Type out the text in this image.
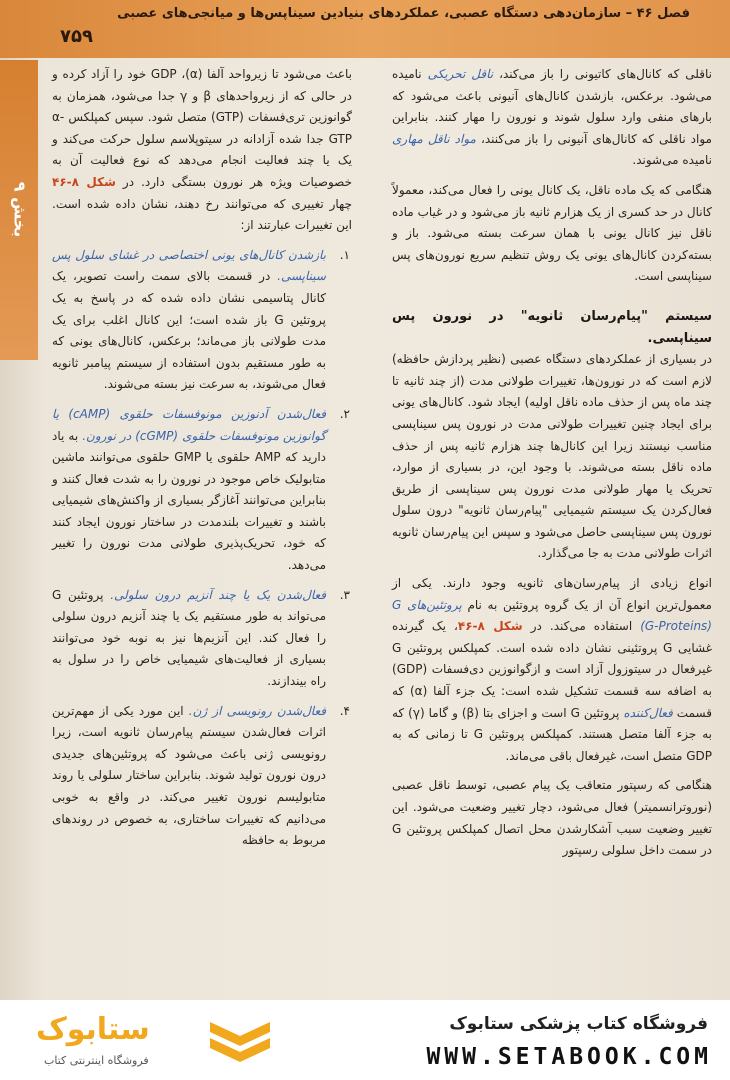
فصل ۴۶ – سازمان‌دهی دستگاه عصبی، عملکردهای بنیادین سیناپس‌ها و میانجی‌های عصبی
۷۵۹
بخش ۹

ناقلی که کانال‌های کاتیونی را باز می‌کند، ناقل تحریکی نامیده می‌شود. برعکس، بازشدن کانال‌های آنیونی باعث می‌شود که بارهای منفی وارد سلول شوند و نورون را مهار کنند. بنابراین مواد ناقلی که کانال‌های آنیونی را باز می‌کنند، مواد ناقل مهاری نامیده می‌شوند.

هنگامی که یک ماده ناقل، یک کانال یونی را فعال می‌کند، معمولاً کانال در حد کسری از یک هزارم ثانیه باز می‌شود و در غیاب ماده ناقل نیز کانال یونی با همان سرعت بسته می‌شود. باز و بسته‌کردن کانال‌های یونی یک روش تنظیم سریع نورون‌های پس سیناپسی است.

سیستم "پیام‌رسان ثانویه" در نورون پس سیناپسی.

در بسیاری از عملکردهای دستگاه عصبی (نظیر پردازش حافظه) لازم است که در نورون‌ها، تغییرات طولانی مدت (از چند ثانیه تا چند ماه پس از حذف ماده ناقل اولیه) ایجاد شود. کانال‌های یونی برای ایجاد چنین تغییرات طولانی مدت در نورون پس سیناپسی مناسب نیستند زیرا این کانال‌ها چند هزارم ثانیه پس از حذف ماده ناقل بسته می‌شوند. با وجود این، در بسیاری از موارد، تحریک یا مهار طولانی مدت نورون پس سیناپسی از طریق فعال‌کردن یک سیستم شیمیایی "پیام‌رسان ثانویه" درون سلول نورون پس سیناپسی حاصل می‌شود و سپس این پیام‌رسان ثانویه اثرات طولانی مدت به جا می‌گذارد.

انواع زیادی از پیام‌رسان‌های ثانویه وجود دارند. یکی از معمول‌ترین انواع آن از یک گروه پروتئین به نام پروتئین‌های G (G-Proteins) استفاده می‌کند. در شکل ۸-۴۶، یک گیرنده غشایی G پروتئینی نشان داده شده است. کمپلکس پروتئین G غیرفعال در سیتوزول آزاد است و ازگوانوزین دی‌فسفات (GDP) به اضافه سه قسمت تشکیل شده است: یک جزء آلفا (α) که قسمت فعال‌کننده پروتئین G است و اجزای بتا (β) و گاما (γ) که به جزء آلفا متصل هستند. کمپلکس پروتئین G تا زمانی که به GDP متصل است، غیرفعال باقی می‌ماند.

هنگامی که رسپتور متعاقب یک پیام عصبی، توسط ناقل عصبی (نوروترانسمیتر) فعال می‌شود، دچار تغییر وضعیت می‌شود. این تغییر وضعیت سبب آشکارشدن محل اتصال کمپلکس پروتئین G در سمت داخل سلولی رسپتور

باعث می‌شود تا زیرواحد آلفا (α)، GDP خود را آزاد کرده و در حالی که از زیرواحدهای β و γ جدا می‌شود، همزمان به گوانوزین تری‌فسفات (GTP) متصل شود. سپس کمپلکس α-GTP جدا شده آزادانه در سیتوپلاسم سلول حرکت می‌کند و یک یا چند فعالیت انجام می‌دهد که نوع فعالیت آن به خصوصیات ویژه هر نورون بستگی دارد. در شکل ۸-۴۶ چهار تغییری که می‌توانند رخ دهند، نشان داده شده است. این تغییرات عبارتند از:

۱.
بازشدن کانال‌های یونی اختصاصی در غشای سلول پس سیناپسی. در قسمت بالای سمت راست تصویر، یک کانال پتاسیمی نشان داده شده که در پاسخ به یک پروتئین G باز شده است؛ این کانال اغلب برای یک مدت طولانی باز می‌ماند؛ برعکس، کانال‌های یونی که به طور مستقیم بدون استفاده از سیستم پیامبر ثانویه فعال می‌شوند، به سرعت نیز بسته می‌شوند.

۲.
فعال‌شدن آدنوزین مونوفسفات حلقوی (cAMP) یا گوانوزین مونوفسفات حلقوی (cGMP) در نورون. به یاد دارید که AMP حلقوی یا GMP حلقوی می‌توانند ماشین متابولیک خاص موجود در نورون را به شدت فعال کنند و بنابراین می‌توانند آغازگر بسیاری از واکنش‌های شیمیایی باشند و تغییرات بلندمدت در ساختار نورون ایجاد کنند که خود، تحریک‌پذیری طولانی مدت نورون را تغییر می‌دهد.

۳.
فعال‌شدن یک یا چند آنزیم درون سلولی. پروتئین G می‌تواند به طور مستقیم یک یا چند آنزیم درون سلولی را فعال کند. این آنزیم‌ها نیز به نوبه خود می‌توانند بسیاری از فعالیت‌های شیمیایی خاص را در سلول به راه بیندازند.

۴.
فعال‌شدن رونویسی از ژن. این مورد یکی از مهم‌ترین اثرات فعال‌شدن سیستم پیام‌رسان ثانویه است، زیرا رونویسی ژنی باعث می‌شود که پروتئین‌های جدیدی درون نورون تولید شوند. بنابراین ساختار سلولی یا روند متابولیسم نورون تغییر می‌کند. در واقع به خوبی می‌دانیم که تغییرات ساختاری، به خصوص در روندهای مربوط به حافظه

ستابوک
فروشگاه اینترنتی کتاب
فروشگاه کتاب پزشکی ستابوک
WWW.SETABOOK.COM
